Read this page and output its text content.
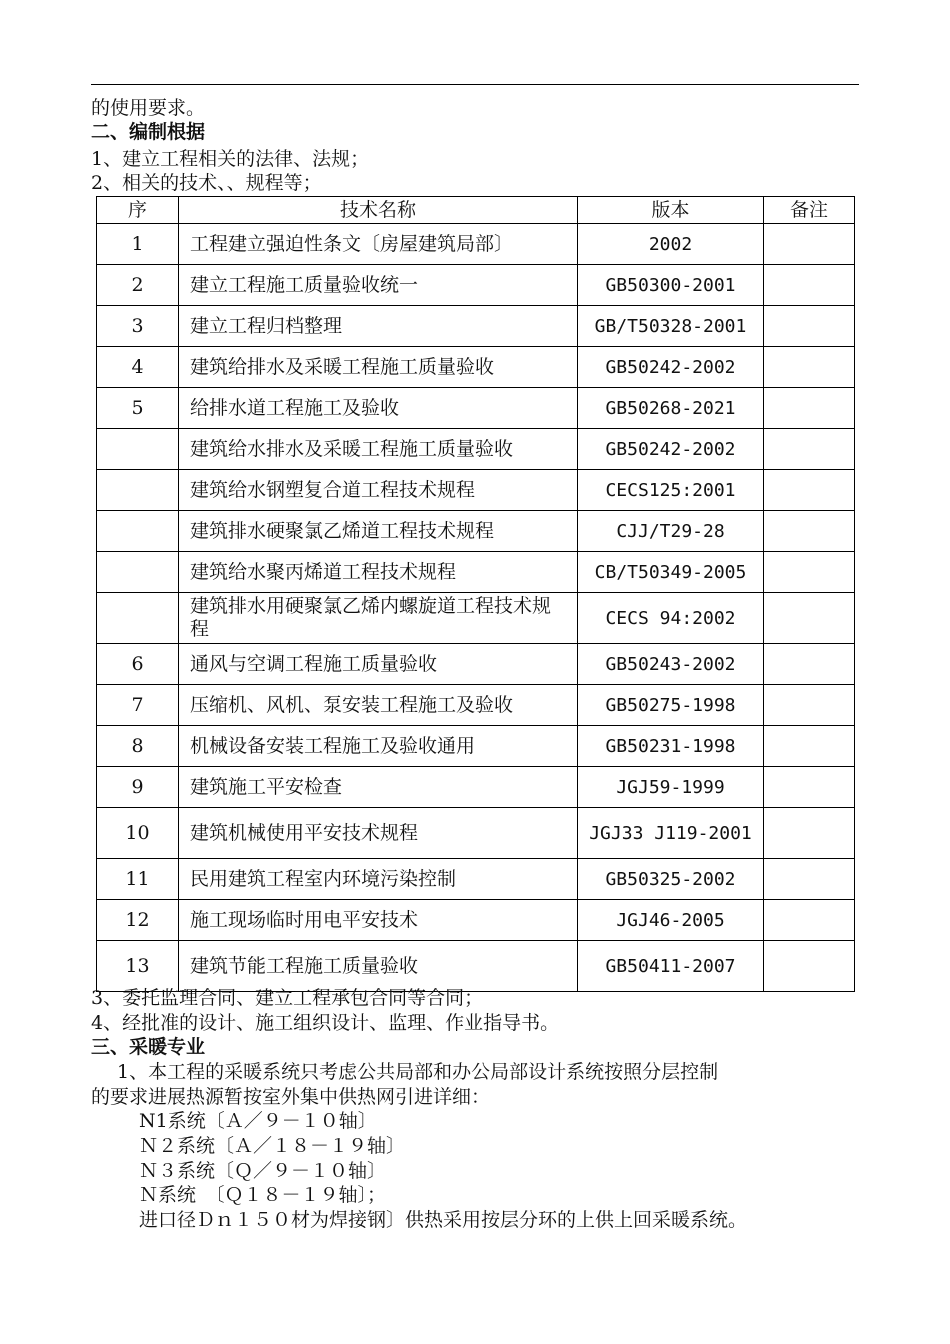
的使用要求。
二、编制根据
1、建立工程相关的法律、法规；
2、相关的技术、、规程等；
序	技术名称	版本	备注
1	工程建立强迫性条文〔房屋建筑局部〕	2002	
2	建立工程施工质量验收统一	GB50300-2001	
3	建立工程归档整理	GB/T50328-2001	
4	建筑给排水及采暖工程施工质量验收	GB50242-2002	
5	给排水道工程施工及验收	GB50268-2021	
	建筑给水排水及采暖工程施工质量验收	GB50242-2002	
	建筑给水钢塑复合道工程技术规程	CECS125:2001	
	建筑排水硬聚氯乙烯道工程技术规程	CJJ/T29-28	
	建筑给水聚丙烯道工程技术规程	CB/T50349-2005	
	建筑排水用硬聚氯乙烯内螺旋道工程技术规程	CECS 94:2002	
6	通风与空调工程施工质量验收	GB50243-2002	
7	压缩机、风机、泵安装工程施工及验收	GB50275-1998	
8	机械设备安装工程施工及验收通用	GB50231-1998	
9	建筑施工平安检查	JGJ59-1999	
10	建筑机械使用平安技术规程	JGJ33 J119-2001	
11	民用建筑工程室内环境污染控制	GB50325-2002	
12	施工现场临时用电平安技术	JGJ46-2005	
13	建筑节能工程施工质量验收	GB50411-2007	
3、委托监理合同、建立工程承包合同等合同；
4、经批准的设计、施工组织设计、监理、作业指导书。
三、采暖专业
1、本工程的采暖系统只考虑公共局部和办公局部设计系统按照分层控制
的要求进展热源暂按室外集中供热网引进详细：
N1系统〔Ａ／９－１０轴〕
Ｎ２系统〔Ａ／１８－１９轴〕
Ｎ３系统〔Ｑ／９－１０轴〕
Ｎ系统　〔Ｑ１８－１９轴〕；
进口径Ｄｎ１５０材为焊接钢〕供热采用按层分环的上供上回采暖系统。
